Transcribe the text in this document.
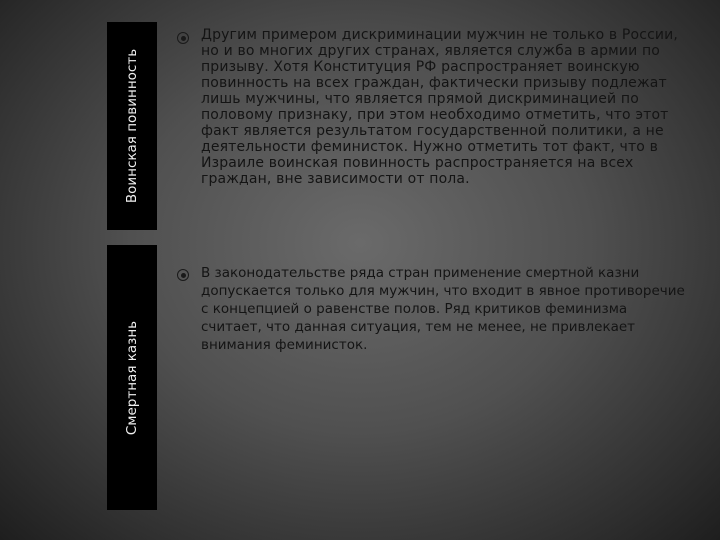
Воинская повинность
Смертная казнь

Другим примером дискриминации мужчин не только в России, но и во многих других странах, является служба в армии по призыву. Хотя Конституция РФ распространяет воинскую повинность на всех граждан, фактически призыву подлежат лишь мужчины, что является прямой дискриминацией по половому признаку, при этом необходимо отметить, что этот факт является результатом государственной политики, а не деятельности феминисток. Нужно отметить тот факт, что в Израиле воинская повинность распространяется на всех граждан, вне зависимости от пола.

В законодательстве ряда стран применение смертной казни допускается только для мужчин, что входит в явное противоречие с концепцией о равенстве полов. Ряд критиков феминизма считает, что данная ситуация, тем не менее, не привлекает внимания феминисток.
